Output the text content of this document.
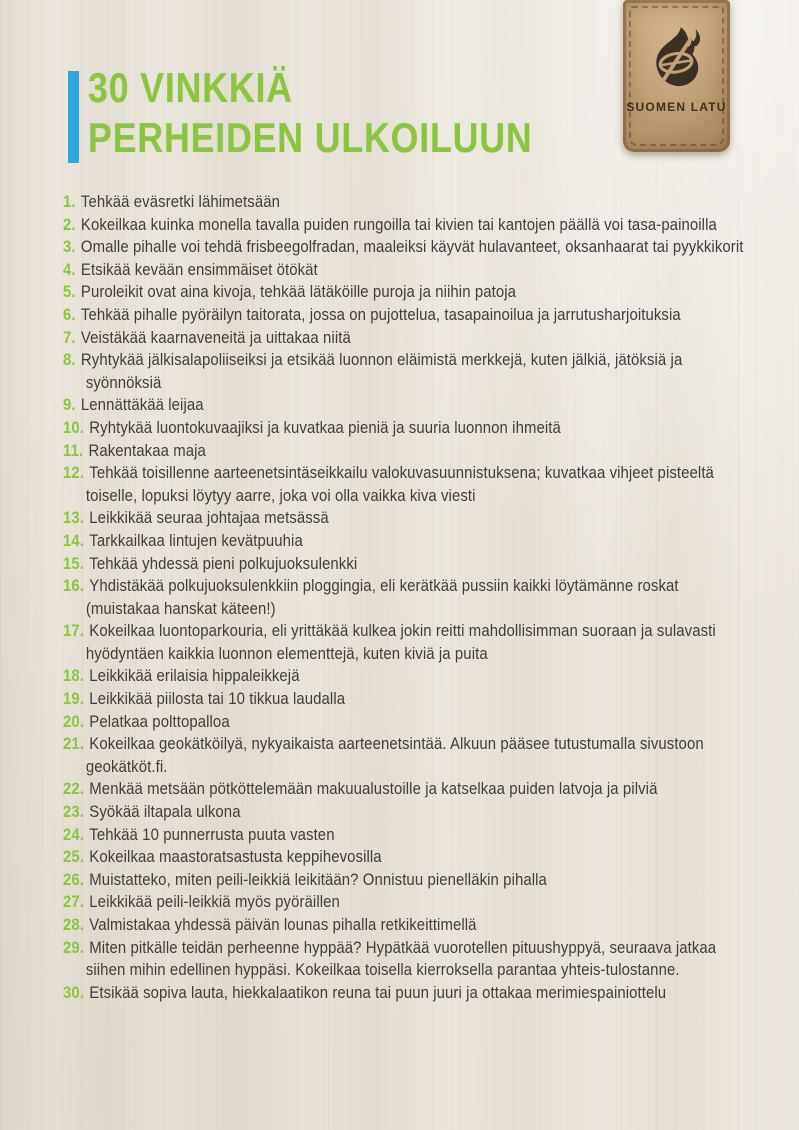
30 VINKKIÄ
PERHEIDEN ULKOILUUN
SUOMEN LATU
1. Tehkää eväsretki lähimetsään
2. Kokeilkaa kuinka monella tavalla puiden rungoilla tai kivien tai kantojen päällä voi tasa-painoilla
3. Omalle pihalle voi tehdä frisbeegolfradan, maaleiksi käyvät hulavanteet, oksanhaarat tai pyykkikorit
4. Etsikää kevään ensimmäiset ötökät
5. Puroleikit ovat aina kivoja, tehkää lätäköille puroja ja niihin patoja
6. Tehkää pihalle pyöräilyn taitorata, jossa on pujottelua, tasapainoilua ja jarrutusharjoituksia
7. Veistäkää kaarnaveneitä ja uittakaa niitä
8. Ryhtykää jälkisalapoliiseiksi ja etsikää luonnon eläimistä merkkejä, kuten jälkiä, jätöksiä ja syönnöksiä
9. Lennättäkää leijaa
10. Ryhtykää luontokuvaajiksi ja kuvatkaa pieniä ja suuria luonnon ihmeitä
11. Rakentakaa maja
12. Tehkää toisillenne aarteenetsintäseikkailu valokuvasuunnistuksena; kuvatkaa vihjeet pisteeltä toiselle, lopuksi löytyy aarre, joka voi olla vaikka kiva viesti
13. Leikkikää seuraa johtajaa metsässä
14. Tarkkailkaa lintujen kevätpuuhia
15. Tehkää yhdessä pieni polkujuoksulenkki
16. Yhdistäkää polkujuoksulenkkiin ploggingia, eli kerätkää pussiin kaikki löytämänne roskat (muistakaa hanskat käteen!)
17. Kokeilkaa luontoparkouria, eli yrittäkää kulkea jokin reitti mahdollisimman suoraan ja sulavasti hyödyntäen kaikkia luonnon elementtejä, kuten kiviä ja puita
18. Leikkikää erilaisia hippaleikkejä
19. Leikkikää piilosta tai 10 tikkua laudalla
20. Pelatkaa polttopalloa
21. Kokeilkaa geokätköilyä, nykyaikaista aarteenetsintää. Alkuun pääsee tutustumalla sivustoon geokätköt.fi.
22. Menkää metsään pötköttelemään makuualustoille ja katselkaa puiden latvoja ja pilviä
23. Syökää iltapala ulkona
24. Tehkää 10 punnerrusta puuta vasten
25. Kokeilkaa maastoratsastusta keppihevosilla
26. Muistatteko, miten peili-leikkiä leikitään? Onnistuu pienelläkin pihalla
27. Leikkikää peili-leikkiä myös pyöräillen
28. Valmistakaa yhdessä päivän lounas pihalla retkikeittimellä
29. Miten pitkälle teidän perheenne hyppää? Hypätkää vuorotellen pituushyppyä, seuraava jatkaa siihen mihin edellinen hyppäsi. Kokeilkaa toisella kierroksella parantaa yhteis-tulostanne.
30. Etsikää sopiva lauta, hiekkalaatikon reuna tai puun juuri ja ottakaa merimiespainiottelu
